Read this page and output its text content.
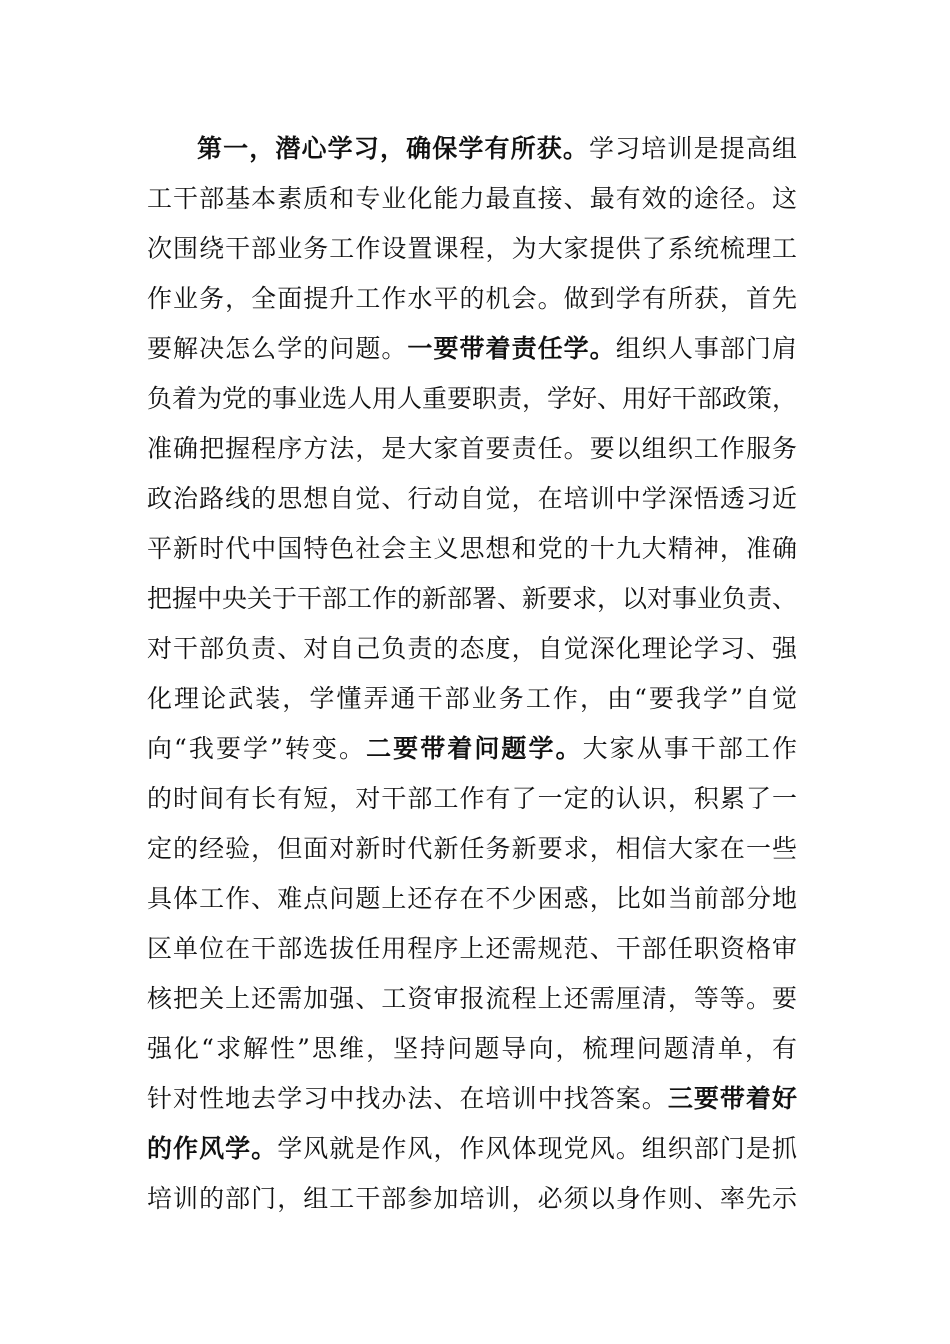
第一，潜心学习，确保学有所获。学习培训是提高组
工干部基本素质和专业化能力最直接、最有效的途径。这
次围绕干部业务工作设置课程，为大家提供了系统梳理工
作业务，全面提升工作水平的机会。做到学有所获，首先
要解决怎么学的问题。一要带着责任学。组织人事部门肩
负着为党的事业选人用人重要职责，学好、用好干部政策，
准确把握程序方法，是大家首要责任。要以组织工作服务
政治路线的思想自觉、行动自觉，在培训中学深悟透习近
平新时代中国特色社会主义思想和党的十九大精神，准确
把握中央关于干部工作的新部署、新要求，以对事业负责、
对干部负责、对自己负责的态度，自觉深化理论学习、强
化理论武装，学懂弄通干部业务工作，由“要我学”自觉
向“我要学”转变。二要带着问题学。大家从事干部工作
的时间有长有短，对干部工作有了一定的认识，积累了一
定的经验，但面对新时代新任务新要求，相信大家在一些
具体工作、难点问题上还存在不少困惑，比如当前部分地
区单位在干部选拔任用程序上还需规范、干部任职资格审
核把关上还需加强、工资审报流程上还需厘清，等等。要
强化“求解性”思维，坚持问题导向，梳理问题清单，有
针对性地去学习中找办法、在培训中找答案。三要带着好
的作风学。学风就是作风，作风体现党风。组织部门是抓
培训的部门，组工干部参加培训，必须以身作则、率先示
